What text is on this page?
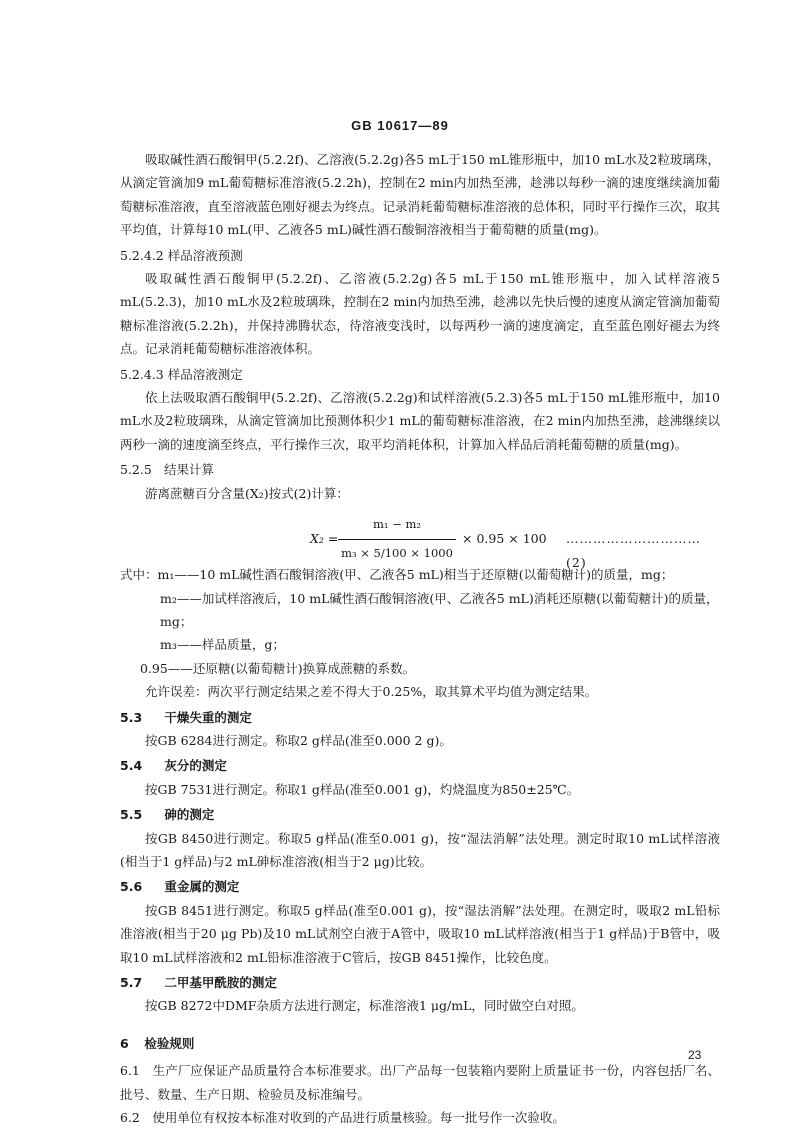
GB 10617—89

吸取碱性酒石酸铜甲(5.2.2f)、乙溶液(5.2.2g)各5 mL于150 mL锥形瓶中，加10 mL水及2粒玻璃珠，从滴定管滴加9 mL葡萄糖标准溶液(5.2.2h)，控制在2 min内加热至沸，趁沸以每秒一滴的速度继续滴加葡萄糖标准溶液，直至溶液蓝色刚好褪去为终点。记录消耗葡萄糖标准溶液的总体积，同时平行操作三次，取其平均值，计算每10 mL(甲、乙液各5 mL)碱性酒石酸铜溶液相当于葡萄糖的质量(mg)。

5.2.4.2 样品溶液预测

吸取碱性酒石酸铜甲(5.2.2f)、乙溶液(5.2.2g)各5 mL于150 mL锥形瓶中，加入试样溶液5 mL(5.2.3)，加10 mL水及2粒玻璃珠，控制在2 min内加热至沸，趁沸以先快后慢的速度从滴定管滴加葡萄糖标准溶液(5.2.2h)，并保持沸腾状态，待溶液变浅时，以每两秒一滴的速度滴定，直至蓝色刚好褪去为终点。记录消耗葡萄糖标准溶液体积。

5.2.4.3 样品溶液测定

依上法吸取酒石酸铜甲(5.2.2f)、乙溶液(5.2.2g)和试样溶液(5.2.3)各5 mL于150 mL锥形瓶中，加10 mL水及2粒玻璃珠，从滴定管滴加比预测体积少1 mL的葡萄糖标准溶液，在2 min内加热至沸，趁沸继续以两秒一滴的速度滴至终点，平行操作三次，取平均消耗体积，计算加入样品后消耗葡萄糖的质量(mg)。

5.2.5 结果计算

游离蔗糖百分含量(X₂)按式(2)计算：

X₂ =
m₁ − m₂
m₃ × 5/100 × 1000
× 0.95 × 100 …………………………(2)

式中：m₁——10 mL碱性酒石酸铜溶液(甲、乙液各5 mL)相当于还原糖(以葡萄糖计)的质量，mg；

m₂——加试样溶液后，10 mL碱性酒石酸铜溶液(甲、乙液各5 mL)消耗还原糖(以葡萄糖计)的质量，mg；

m₃——样品质量，g；

0.95——还原糖(以葡萄糖计)换算成蔗糖的系数。

允许误差：两次平行测定结果之差不得大于0.25%，取其算术平均值为测定结果。

5.3 干燥失重的测定

按GB 6284进行测定。称取2 g样品(准至0.000 2 g)。

5.4 灰分的测定

按GB 7531进行测定。称取1 g样品(准至0.001 g)，灼烧温度为850±25℃。

5.5 砷的测定

按GB 8450进行测定。称取5 g样品(准至0.001 g)，按“湿法消解”法处理。测定时取10 mL试样溶液(相当于1 g样品)与2 mL砷标准溶液(相当于2 μg)比较。

5.6 重金属的测定

按GB 8451进行测定。称取5 g样品(准至0.001 g)，按“湿法消解”法处理。在测定时，吸取2 mL铅标准溶液(相当于20 μg Pb)及10 mL试剂空白液于A管中，吸取10 mL试样溶液(相当于1 g样品)于B管中，吸取10 mL试样溶液和2 mL铅标准溶液于C管后，按GB 8451操作，比较色度。

5.7 二甲基甲酰胺的测定

按GB 8272中DMF杂质方法进行测定，标准溶液1 μg/mL，同时做空白对照。

6 检验规则

6.1　生产厂应保证产品质量符合本标准要求。出厂产品每一包装箱内要附上质量证书一份，内容包括厂名、批号、数量、生产日期、检验员及标准编号。

6.2　使用单位有权按本标准对收到的产品进行质量核验。每一批号作一次验收。

23
